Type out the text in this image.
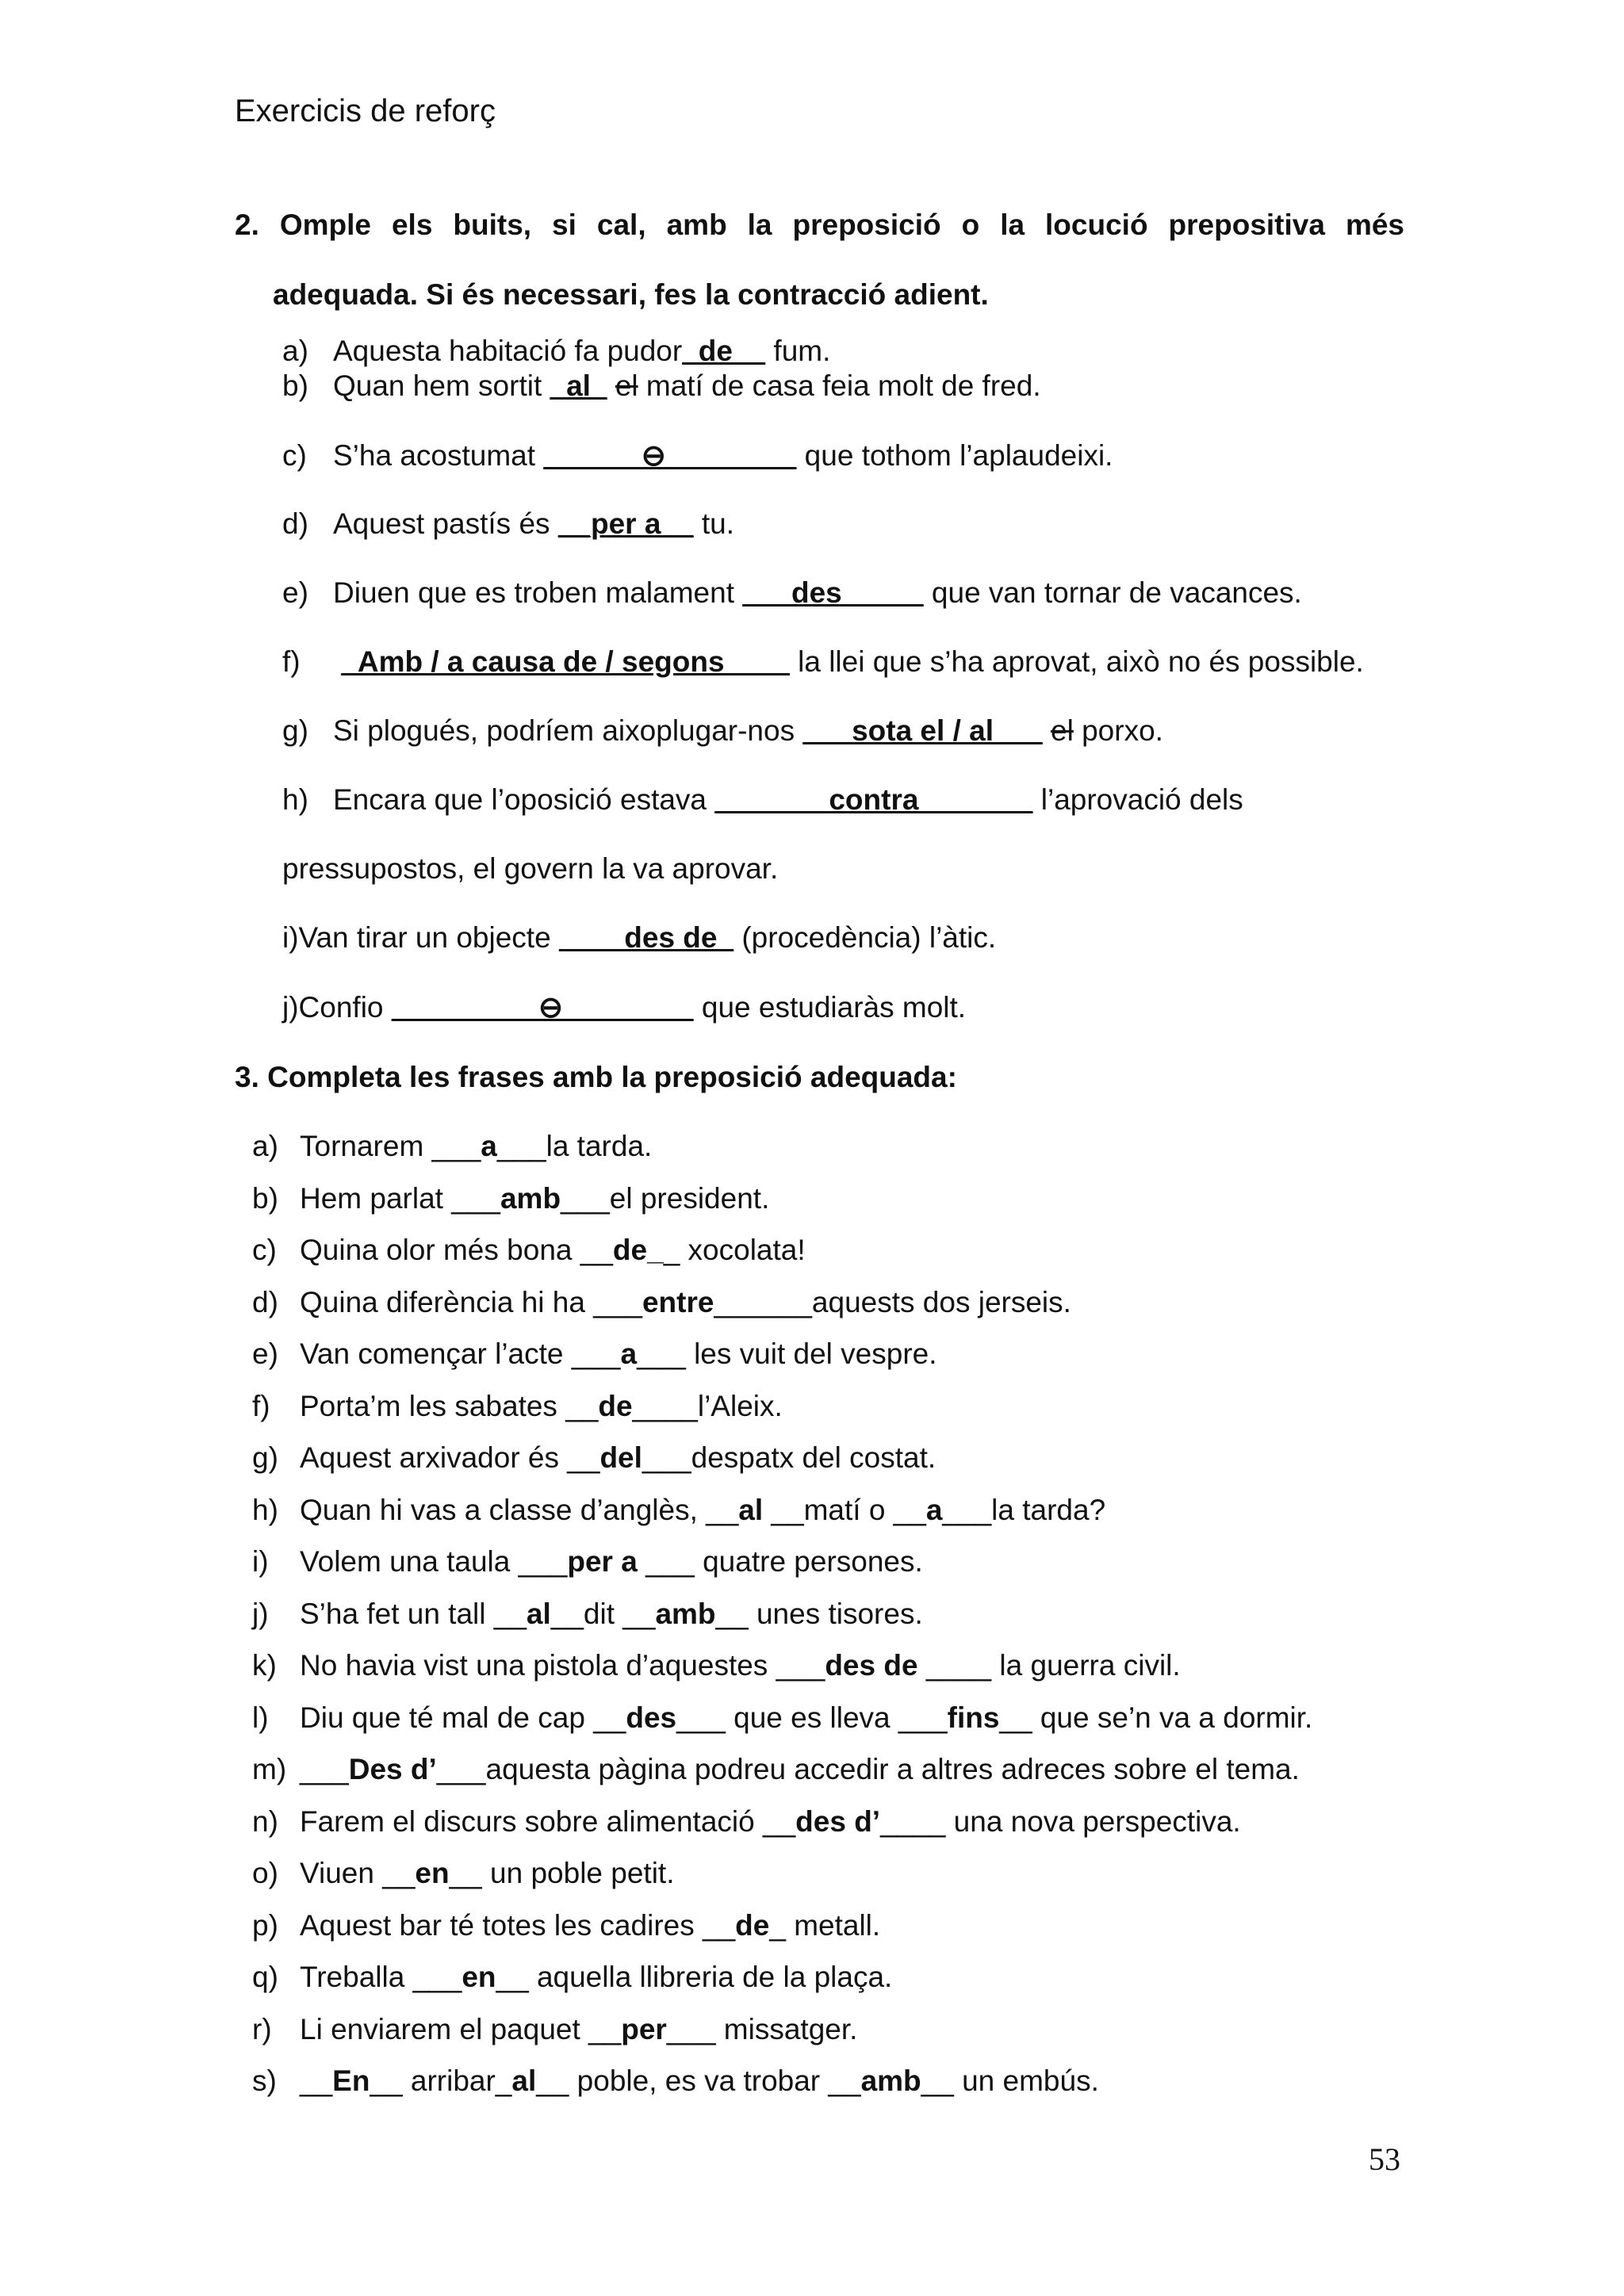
Exercicis de reforç
2. Omple els buits, si cal, amb la preposició o la locució prepositiva més
adequada. Si és necessari, fes la contracció adient.
a) Aquesta habitació fa pudor_de__ fum.
b) Quan hem sortit _al_ el matí de casa feia molt de fred.
c) S’ha acostumat ______⊖________ que tothom l’aplaudeixi.
d) Aquest pastís és __per a__ tu.
e) Diuen que es troben malament ___des_____ que van tornar de vacances.
f) _Amb / a causa de / segons____ la llei que s’ha aprovat, això no és possible.
g) Si plogués, podríem aixoplugar-nos ___sota el / al___ el porxo.
h) Encara que l’oposició estava _______contra_______ l’aprovació dels
pressupostos, el govern la va aprovar.
i)Van tirar un objecte ____des de_ (procedència) l’àtic.
j)Confio _________⊖________ que estudiaràs molt.
3. Completa les frases amb la preposició adequada:
a) Tornarem ___a___la tarda.
b) Hem parlat ___amb___el president.
c) Quina olor més bona __de__ xocolata!
d) Quina diferència hi ha ___entre______aquests dos jerseis.
e) Van començar l’acte ___a___ les vuit del vespre.
f) Porta’m les sabates __de____l’Aleix.
g) Aquest arxivador és __del___despatx del costat.
h) Quan hi vas a classe d’anglès, __al __matí o __a___la tarda?
i) Volem una taula ___per a ___ quatre persones.
j) S’ha fet un tall __al__dit __amb__ unes tisores.
k) No havia vist una pistola d’aquestes ___des de ____ la guerra civil.
l) Diu que té mal de cap __des___ que es lleva ___fins__ que se’n va a dormir.
m) ___Des d’___aquesta pàgina podreu accedir a altres adreces sobre el tema.
n) Farem el discurs sobre alimentació __des d’____ una nova perspectiva.
o) Viuen __en__ un poble petit.
p) Aquest bar té totes les cadires __de_ metall.
q) Treballa ___en__ aquella llibreria de la plaça.
r) Li enviarem el paquet __per___ missatger.
s) __En__ arribar_al__ poble, es va trobar __amb__ un embús.
53
